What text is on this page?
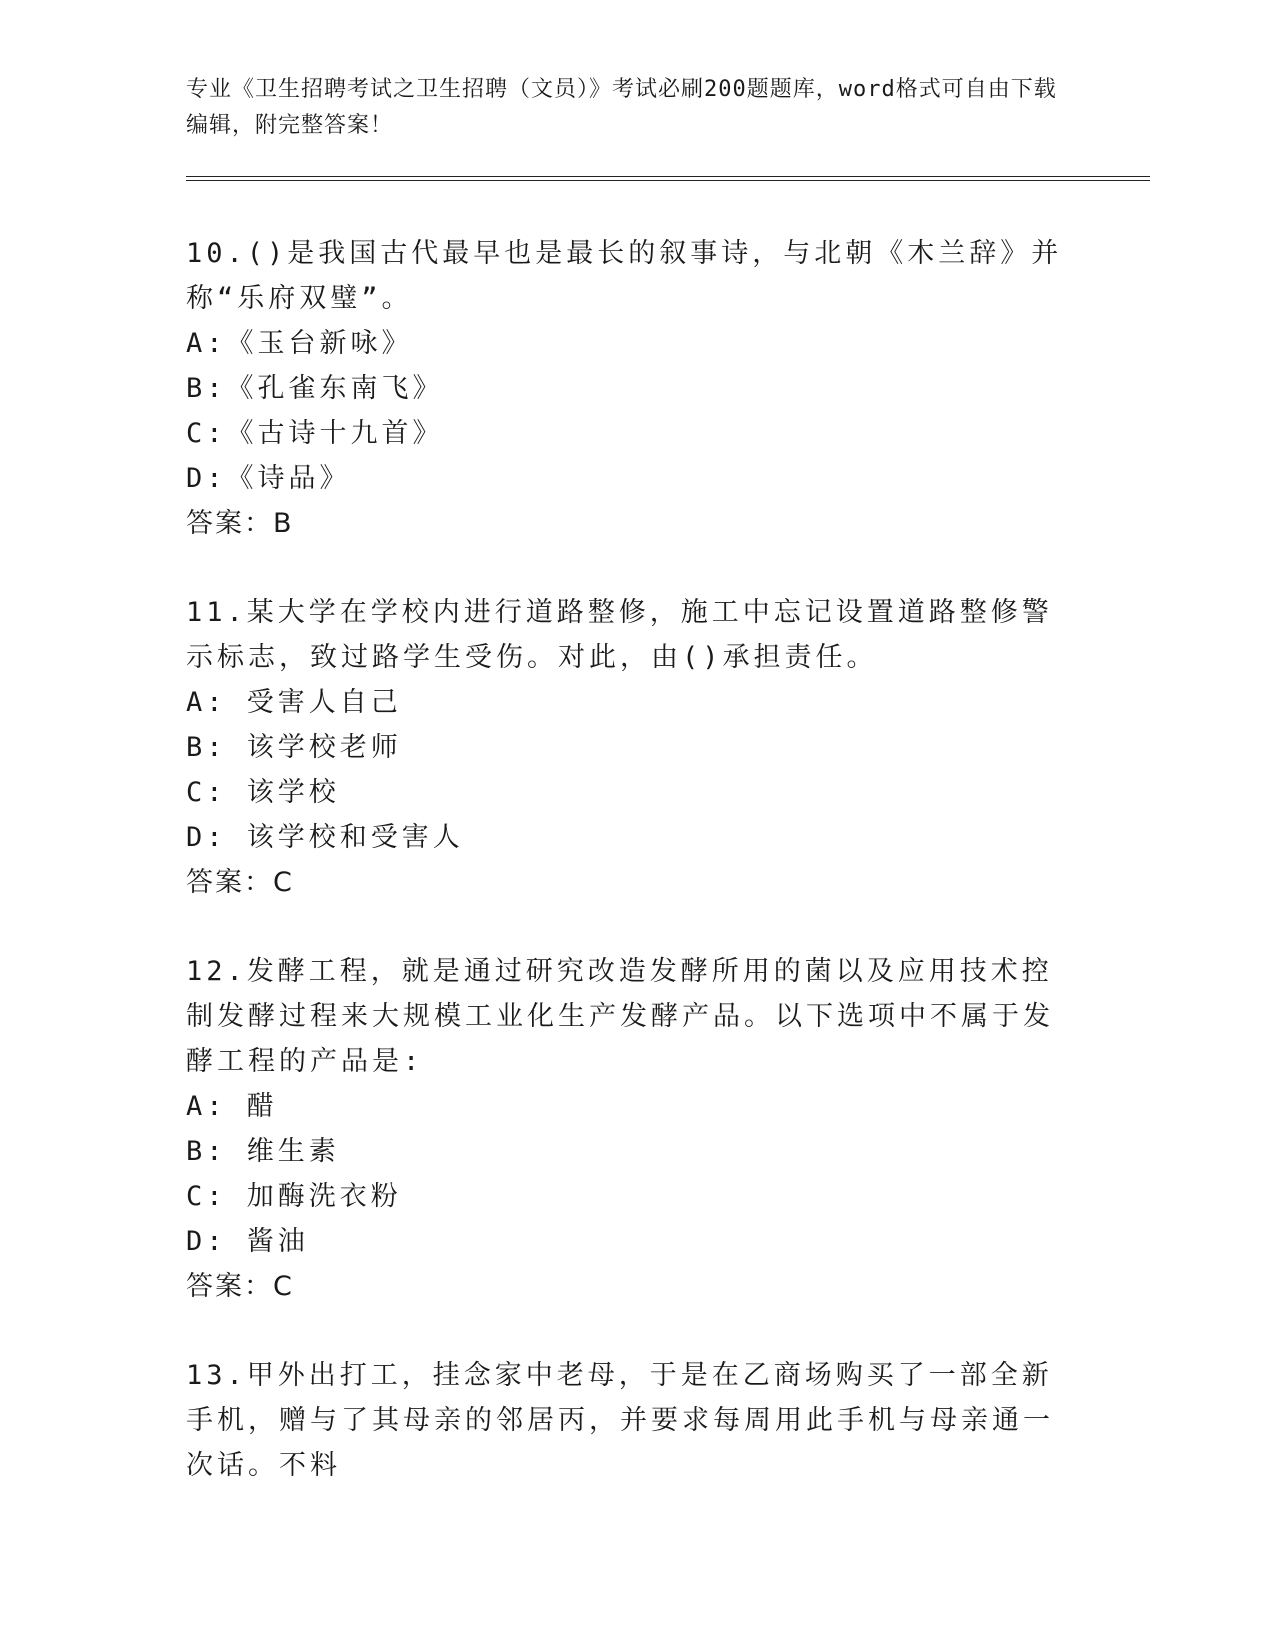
专业《卫生招聘考试之卫生招聘（文员）》考试必刷200题题库，word格式可自由下载编辑，附完整答案！
10.()是我国古代最早也是最长的叙事诗，与北朝《木兰辞》并称“乐府双璧”。
A:《玉台新咏》
B:《孔雀东南飞》
C:《古诗十九首》
D:《诗品》
答案：B
11.某大学在学校内进行道路整修，施工中忘记设置道路整修警示标志，致过路学生受伤。对此，由()承担责任。
A: 受害人自己
B: 该学校老师
C: 该学校
D: 该学校和受害人
答案：C
12.发酵工程，就是通过研究改造发酵所用的菌以及应用技术控制发酵过程来大规模工业化生产发酵产品。以下选项中不属于发酵工程的产品是:
A: 醋
B: 维生素
C: 加酶洗衣粉
D: 酱油
答案：C
13.甲外出打工，挂念家中老母，于是在乙商场购买了一部全新手机，赠与了其母亲的邻居丙，并要求每周用此手机与母亲通一次话。不料
